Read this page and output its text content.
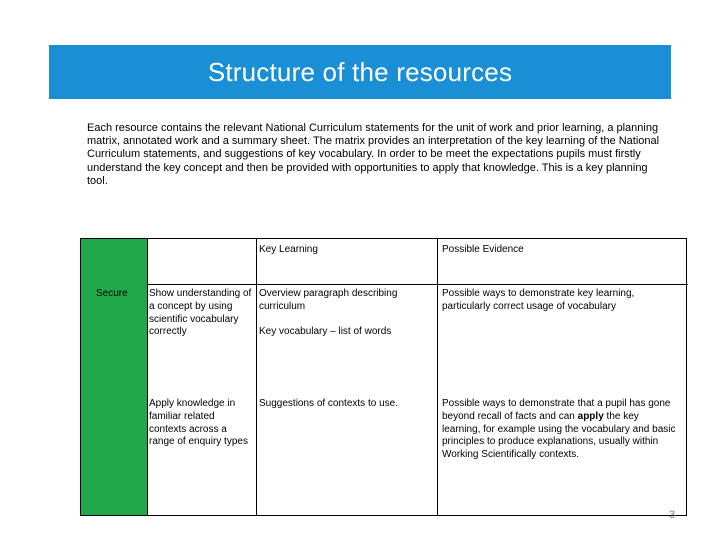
Structure of the resources

Each resource contains the relevant National Curriculum statements for the unit of work and prior learning, a planning matrix, annotated work and a summary sheet. The matrix provides an interpretation of the key learning of the National Curriculum statements, and suggestions of key vocabulary. In order to be meet the expectations pupils must firstly understand the key concept and then be provided with opportunities to apply that knowledge. This is a key planning tool.

Key Learning	Possible Evidence

Secure Show understanding of a concept by using scientific vocabulary correctly

Overview paragraph describing curriculum

Key vocabulary – list of words

Possible ways to demonstrate key learning, particularly correct usage of vocabulary

Apply knowledge in familiar related contexts across a range of enquiry types

Suggestions of contexts to use.	Possible ways to demonstrate that a pupil has gone beyond recall of facts and can apply the key learning, for example using the vocabulary and basic principles to produce explanations, usually within Working Scientifically contexts.

3
